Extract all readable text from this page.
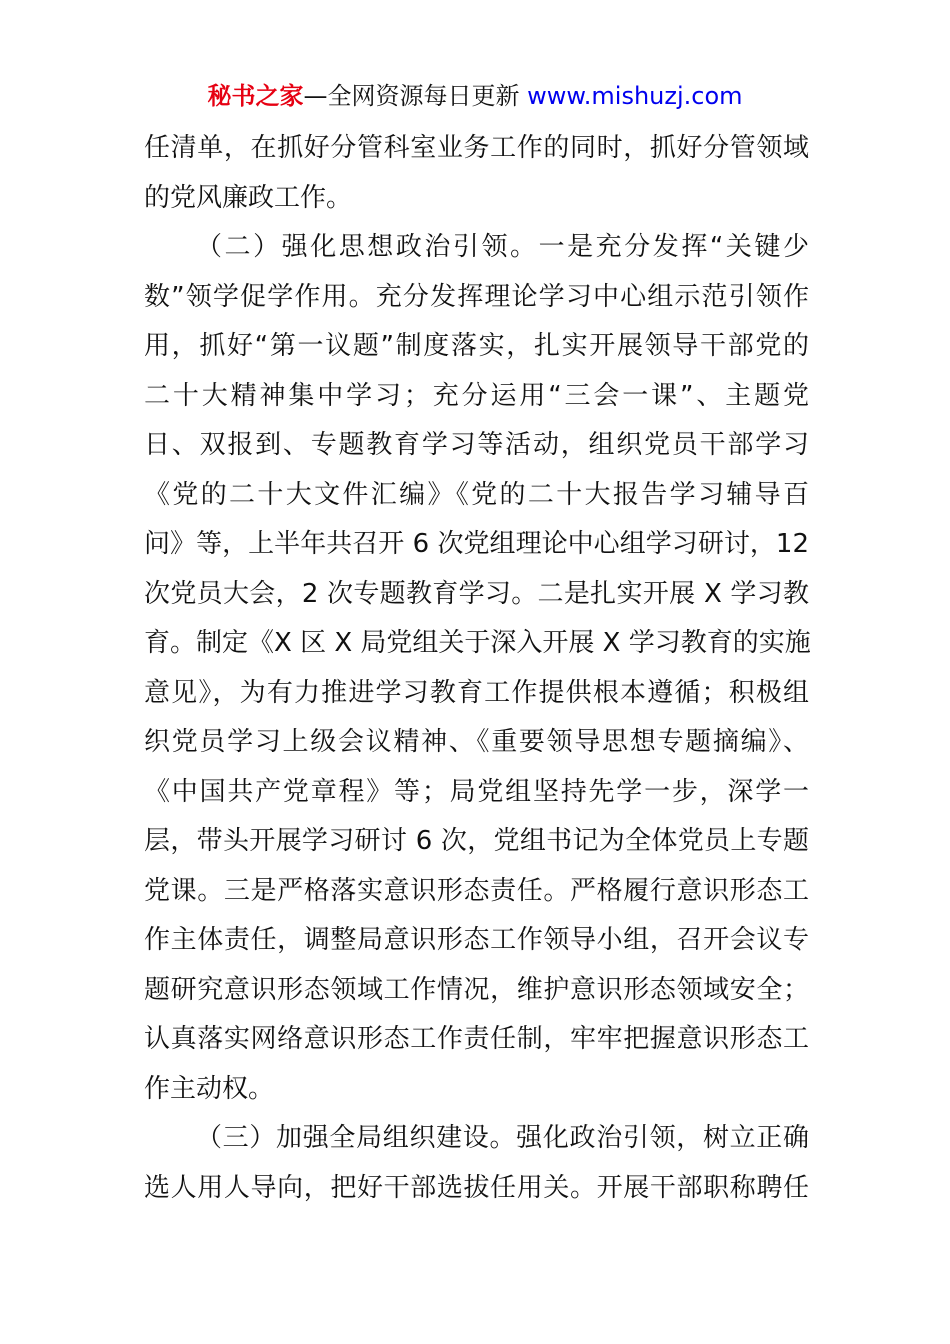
秘书之家—全网资源每日更新 www.mishuzj.com
任清单，在抓好分管科室业务工作的同时，抓好分管领域
的党风廉政工作。
（二）强化思想政治引领。一是充分发挥“关键少
数”领学促学作用。充分发挥理论学习中心组示范引领作
用，抓好“第一议题”制度落实，扎实开展领导干部党的
二十大精神集中学习；充分运用“三会一课”、主题党
日、双报到、专题教育学习等活动，组织党员干部学习
《党的二十大文件汇编》《党的二十大报告学习辅导百
问》等，上半年共召开 6 次党组理论中心组学习研讨，12
次党员大会，2 次专题教育学习。二是扎实开展 X 学习教
育。制定《X 区 X 局党组关于深入开展 X 学习教育的实施
意见》，为有力推进学习教育工作提供根本遵循；积极组
织党员学习上级会议精神、《重要领导思想专题摘编》、
《中国共产党章程》等；局党组坚持先学一步，深学一
层，带头开展学习研讨 6 次，党组书记为全体党员上专题
党课。三是严格落实意识形态责任。严格履行意识形态工
作主体责任，调整局意识形态工作领导小组，召开会议专
题研究意识形态领域工作情况，维护意识形态领域安全；
认真落实网络意识形态工作责任制，牢牢把握意识形态工
作主动权。
（三）加强全局组织建设。强化政治引领，树立正确
选人用人导向，把好干部选拔任用关。开展干部职称聘任
